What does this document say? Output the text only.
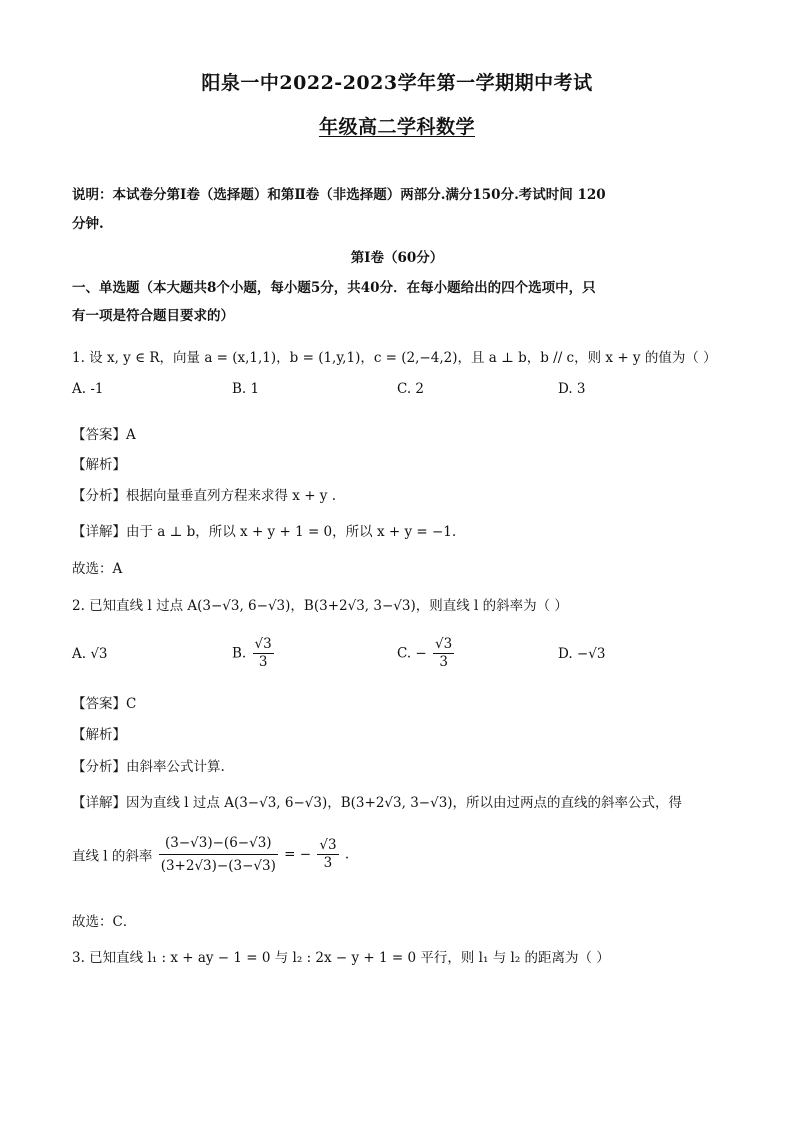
阳泉一中2022-2023学年第一学期期中考试
年级高二学科数学
说明：本试卷分第Ⅰ卷（选择题）和第Ⅱ卷（非选择题）两部分.满分150分.考试时间 120
分钟.
第Ⅰ卷（60分）
一、单选题（本大题共8个小题，每小题5分，共40分．在每小题给出的四个选项中，只
有一项是符合题目要求的）
1. 设 x, y ∈ R，向量 a = (x,1,1)，b = (1,y,1)，c = (2,−4,2)，且 a ⊥ b，b // c，则 x + y 的值为（ ）
A. -1	B. 1	C. 2	D. 3
【答案】A
【解析】
【分析】根据向量垂直列方程来求得 x + y .
【详解】由于 a ⊥ b，所以 x + y + 1 = 0，所以 x + y = −1.
故选：A
2. 已知直线 l 过点 A(3−√3, 6−√3)，B(3+2√3, 3−√3)，则直线 l 的斜率为（ ）
A. √3	B. $\frac{√3}{3}$	C. − $\frac{√3}{3}$	D. −√3
【答案】C
【解析】
【分析】由斜率公式计算.
【详解】因为直线 l 过点 A(3−√3, 6−√3)，B(3+2√3, 3−√3)，所以由过两点的直线的斜率公式，得
直线 l 的斜率 $\frac{(3-√3)-(6-√3)}{(3+2√3)-(3-√3)}$ = − $\frac{√3}{3}$ .
故选：C．
3. 已知直线 l₁ : x + ay − 1 = 0 与 l₂ : 2x − y + 1 = 0 平行，则 l₁ 与 l₂ 的距离为（ ）
